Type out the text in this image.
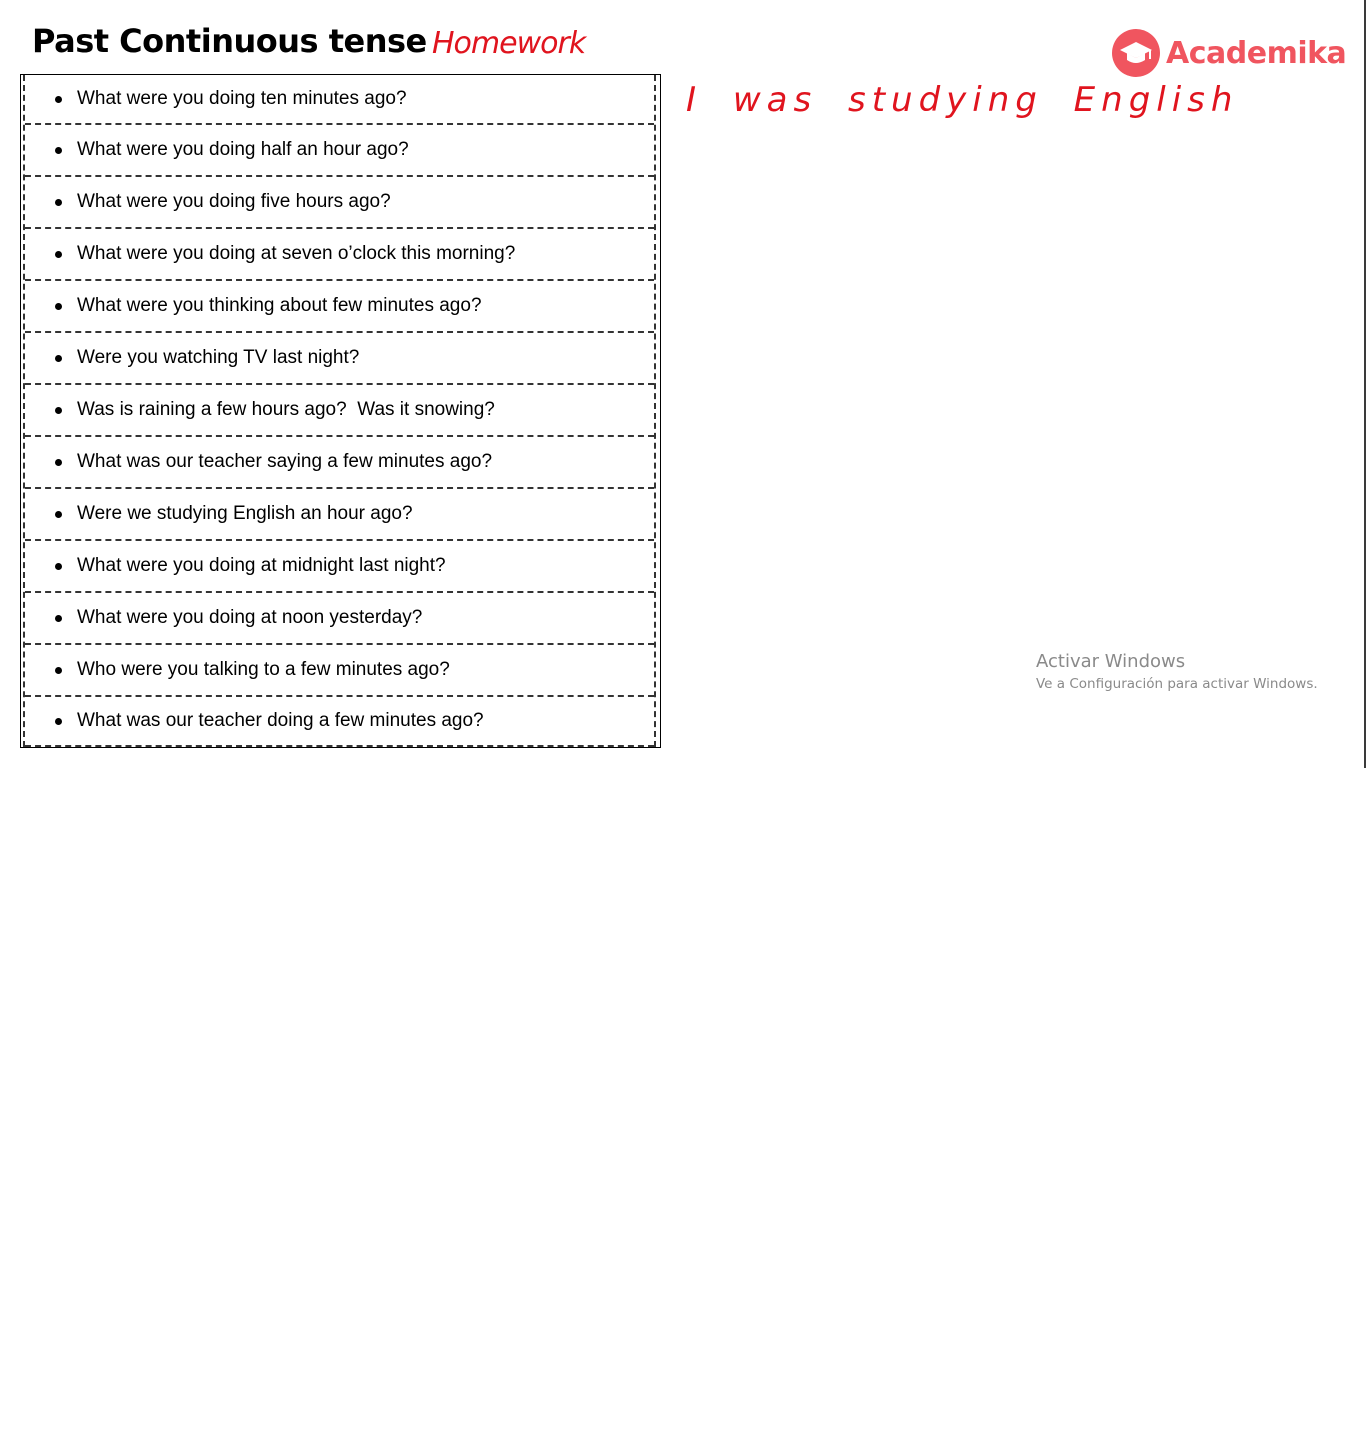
Past Continuous tense Homework
I was studying English
Academika
What were you doing ten minutes ago?
What were you doing half an hour ago?
What were you doing five hours ago?
What were you doing at seven o’clock this morning?
What were you thinking about few minutes ago?
Were you watching TV last night?
Was is raining a few hours ago?  Was it snowing?
What was our teacher saying a few minutes ago?
Were we studying English an hour ago?
What were you doing at midnight last night?
What were you doing at noon yesterday?
Who were you talking to a few minutes ago?
What was our teacher doing a few minutes ago?
Activar Windows
Ve a Configuración para activar Windows.
